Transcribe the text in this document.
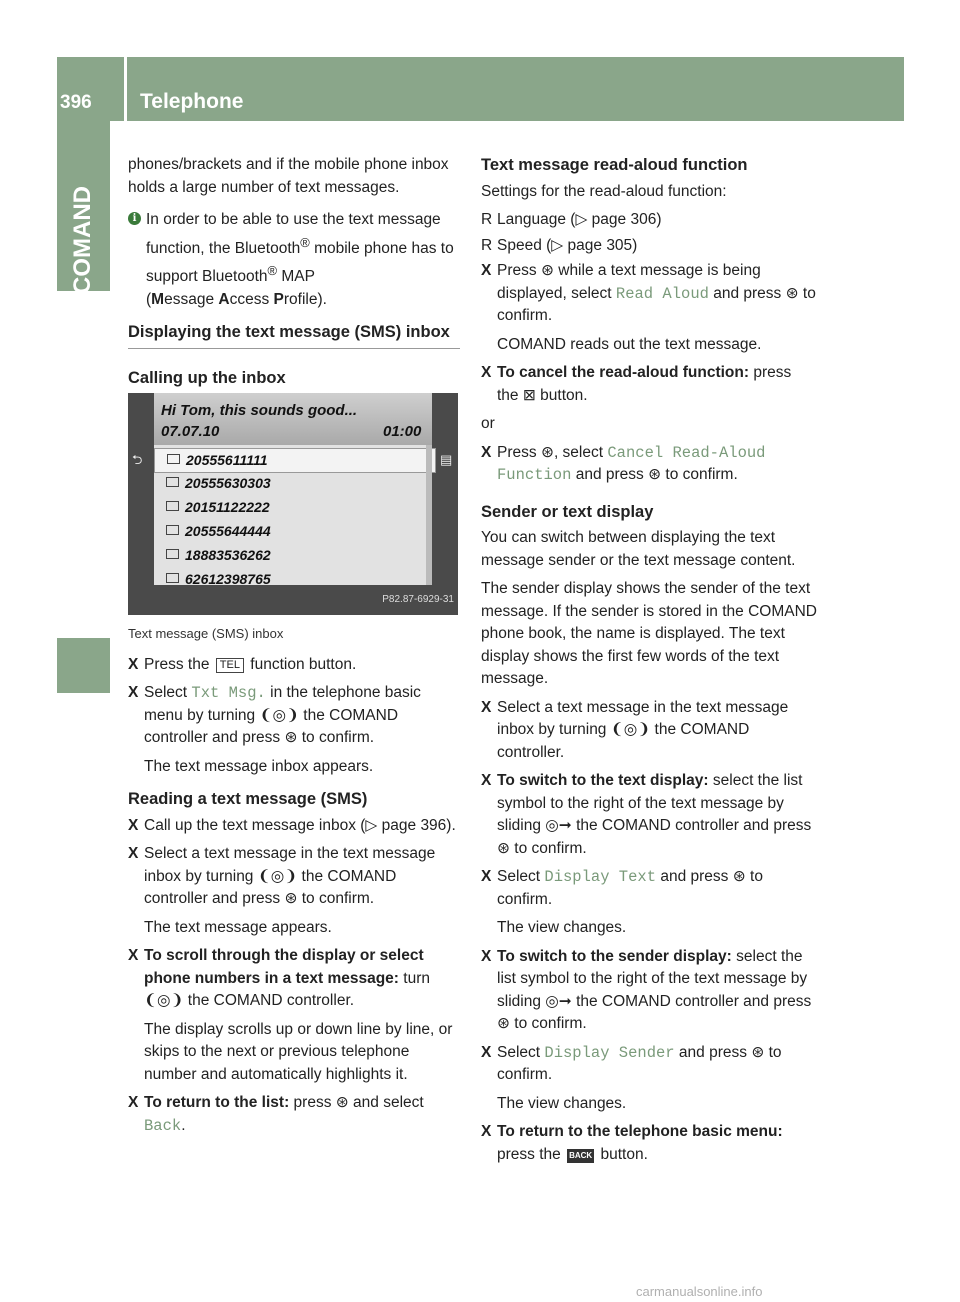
396	Telephone
COMAND

phones/brackets and if the mobile phone inbox holds a large number of text messages.

i In order to be able to use the text message function, the Bluetooth® mobile phone has to support Bluetooth® MAP
(Message Access Profile).
Displaying the text message (SMS) inbox
Calling up the inbox
Hi Tom, this sounds good...
07.07.10	01:00
⮌	▤
20555611111
20555630303
20151122222
20555644444
18883536262
62612398765
P82.87-6929-31
Text message (SMS) inbox
X Press the TEL function button.
X Select Txt Msg. in the telephone basic menu by turning ❨◎❩ the COMAND controller and press ⊛ to confirm.

The text message inbox appears.

Reading a text message (SMS)
X Call up the text message inbox (▷ page 396).
X Select a text message in the text message inbox by turning ❨◎❩ the COMAND controller and press ⊛ to confirm.

The text message appears.

X To scroll through the display or select phone numbers in a text message: turn ❨◎❩ the COMAND controller.

The display scrolls up or down line by line, or skips to the next or previous telephone number and automatically highlights it.

X To return to the list: press ⊛ and select Back.
Text message read-aloud function

Settings for the read-aloud function:

R Language (▷ page 306)
R Speed (▷ page 305)
X Press ⊛ while a text message is being displayed, select Read Aloud and press ⊛ to confirm.

COMAND reads out the text message.

X To cancel the read-aloud function: press the ⊠ button.

or

X Press ⊛, select Cancel Read-Aloud
Function and press ⊛ to confirm.
Sender or text display

You can switch between displaying the text message sender or the text message content.

The sender display shows the sender of the text message. If the sender is stored in the COMAND phone book, the name is displayed. The text display shows the first few words of the text message.

X Select a text message in the text message inbox by turning ❨◎❩ the COMAND controller.
X To switch to the text display: select the list symbol to the right of the text message by sliding ◎➞ the COMAND controller and press ⊛ to confirm.
X Select Display Text and press ⊛ to confirm.

The view changes.

X To switch to the sender display: select the list symbol to the right of the text message by sliding ◎➞ the COMAND controller and press ⊛ to confirm.
X Select Display Sender and press ⊛ to confirm.

The view changes.

X To return to the telephone basic menu: press the BACK button.
carmanualsonline.info
